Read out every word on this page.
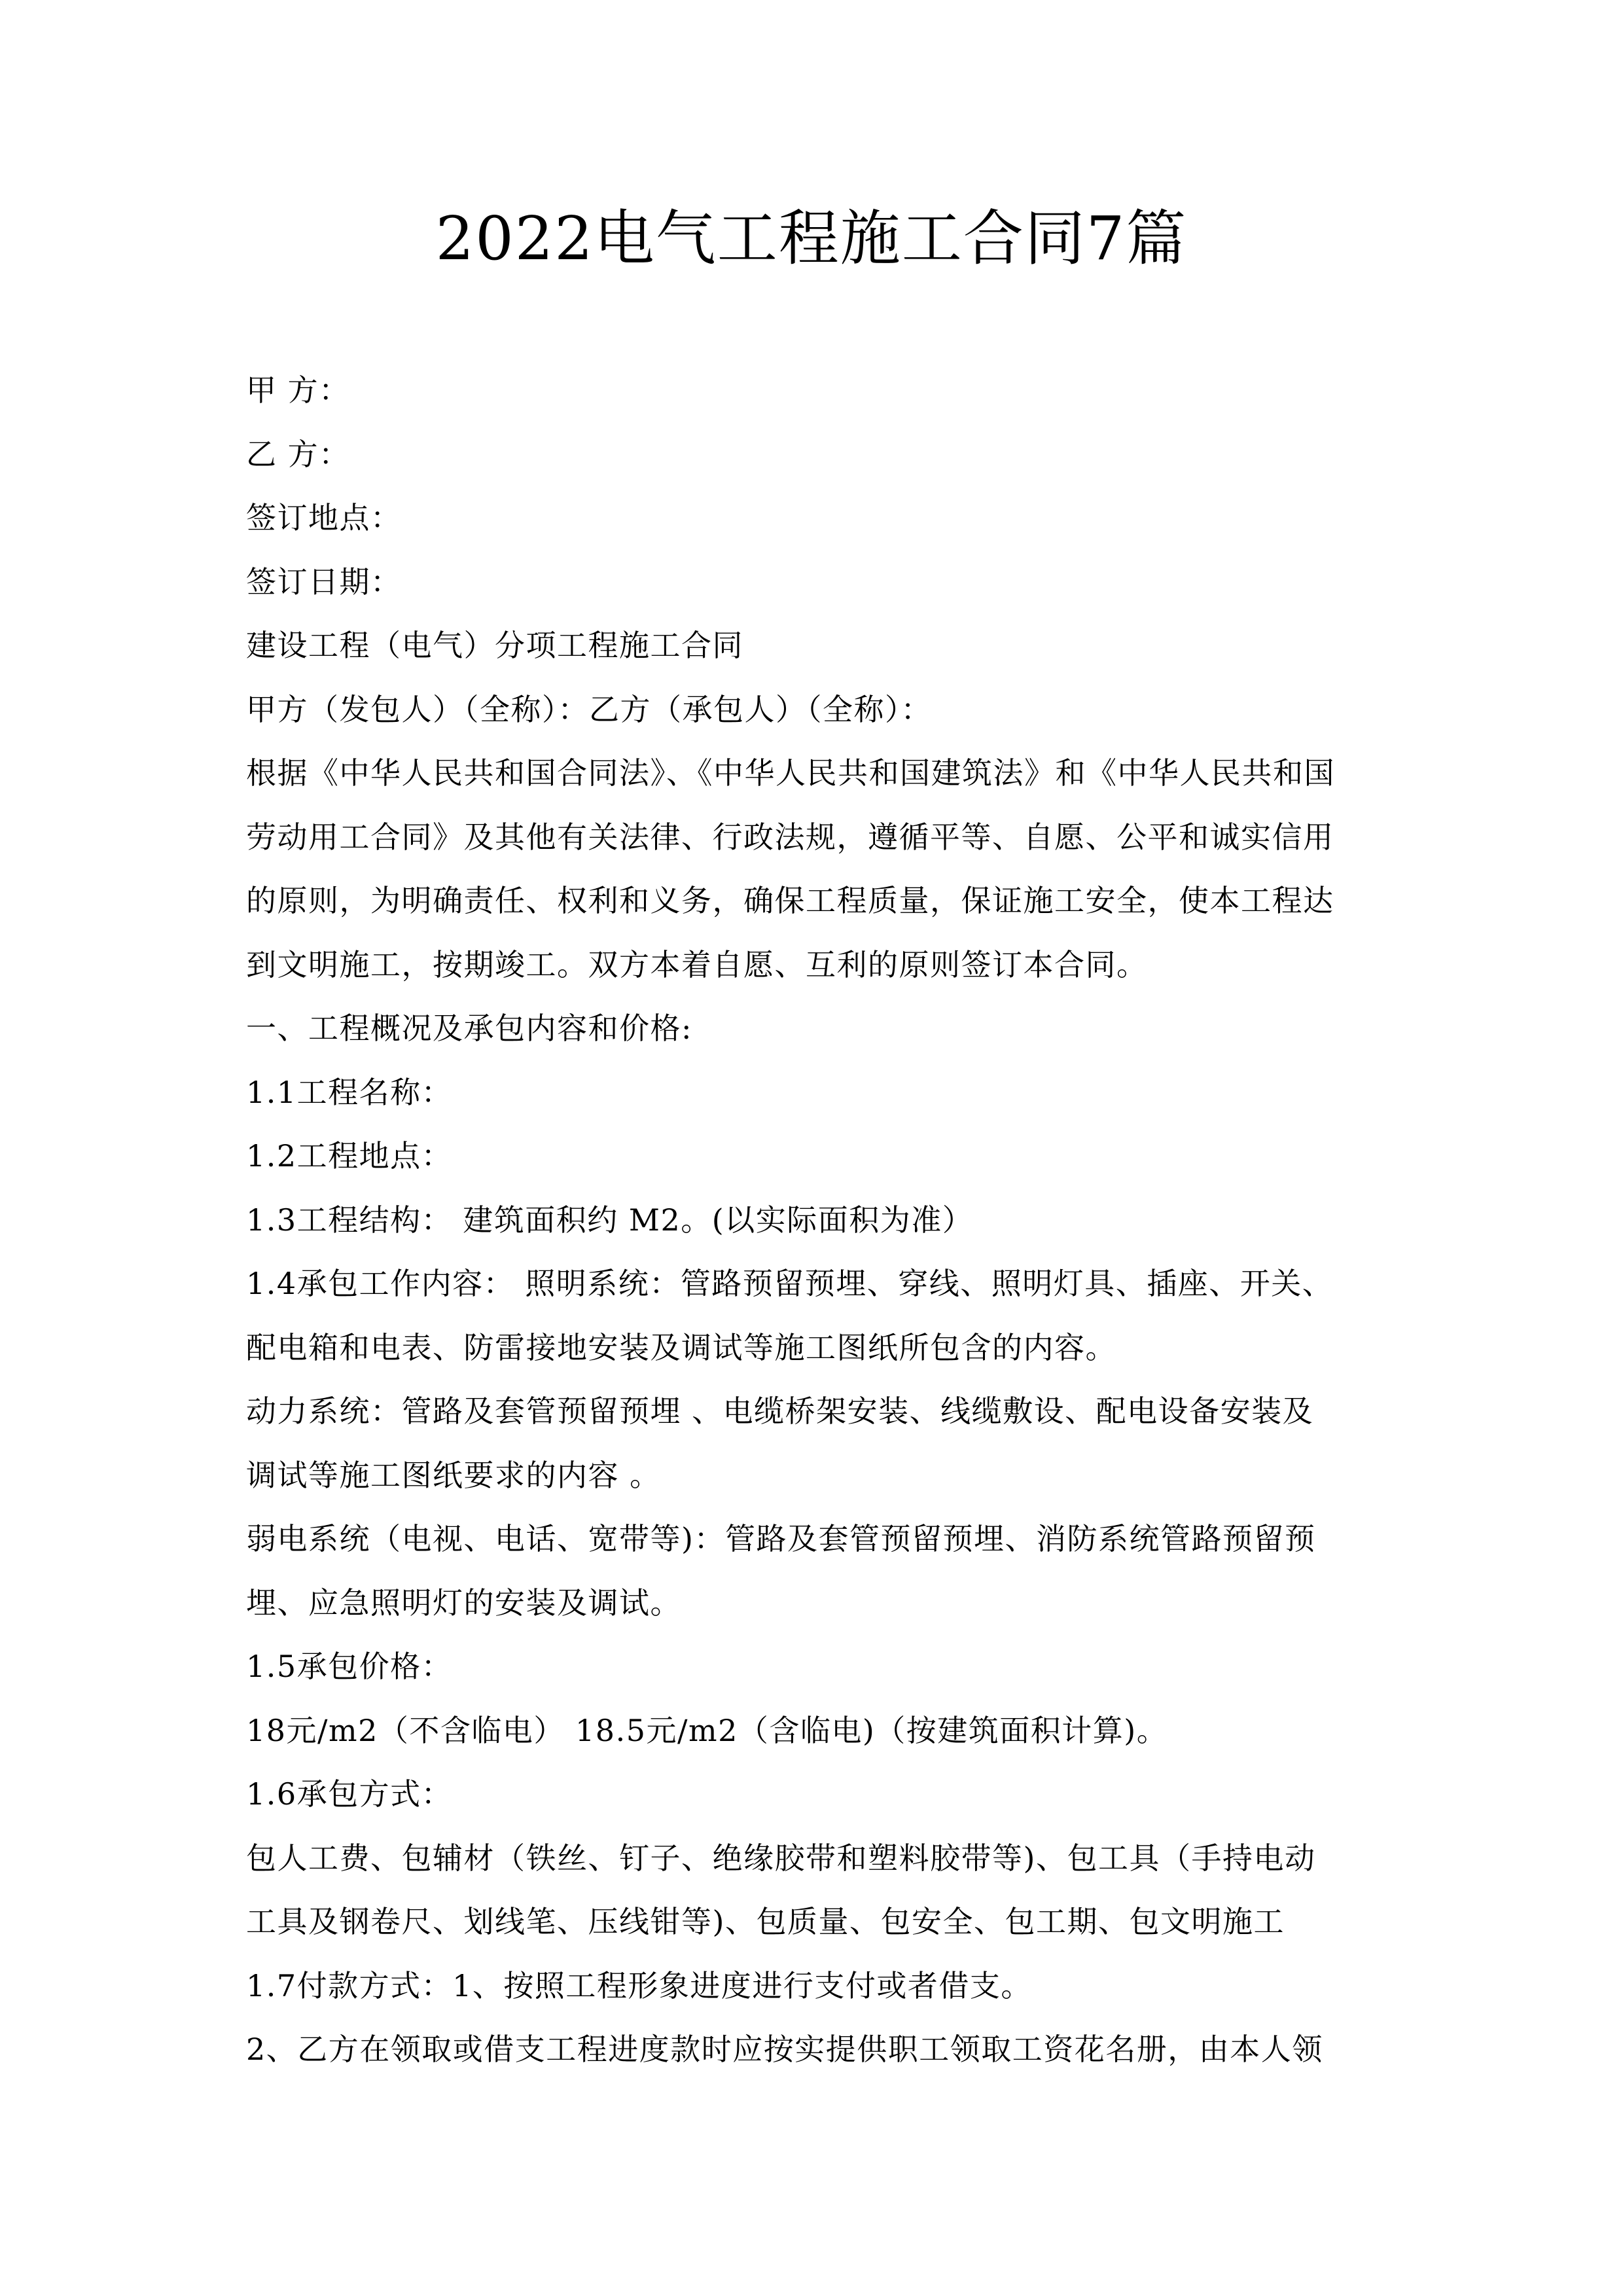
2022电气工程施工合同7篇

甲 方：

乙 方：

签订地点：

签订日期：

建设工程（电气）分项工程施工合同

甲方（发包人）（全称）：乙方（承包人）（全称）：

根据《中华人民共和国合同法》、《中华人民共和国建筑法》和《中华人民共和国

劳动用工合同》及其他有关法律、行政法规，遵循平等、自愿、公平和诚实信用

的原则，为明确责任、权利和义务，确保工程质量，保证施工安全，使本工程达

到文明施工，按期竣工。双方本着自愿、互利的原则签订本合同。

一、工程概况及承包内容和价格:

1.1工程名称：

1.2工程地点：

1.3工程结构： 建筑面积约 M2。(以实际面积为准）

1.4承包工作内容： 照明系统：管路预留预埋、穿线、照明灯具、插座、开关、

配电箱和电表、防雷接地安装及调试等施工图纸所包含的内容。

动力系统：管路及套管预留预埋 、电缆桥架安装、线缆敷设、配电设备安装及

调试等施工图纸要求的内容 。

弱电系统（电视、电话、宽带等)：管路及套管预留预埋、消防系统管路预留预

埋、应急照明灯的安装及调试。

1.5承包价格：

18元/m2（不含临电） 18.5元/m2（含临电)（按建筑面积计算)。

1.6承包方式：

包人工费、包辅材（铁丝、钉子、绝缘胶带和塑料胶带等)、包工具（手持电动

工具及钢卷尺、划线笔、压线钳等)、包质量、包安全、包工期、包文明施工

1.7付款方式：1、按照工程形象进度进行支付或者借支。

2、乙方在领取或借支工程进度款时应按实提供职工领取工资花名册，由本人领
